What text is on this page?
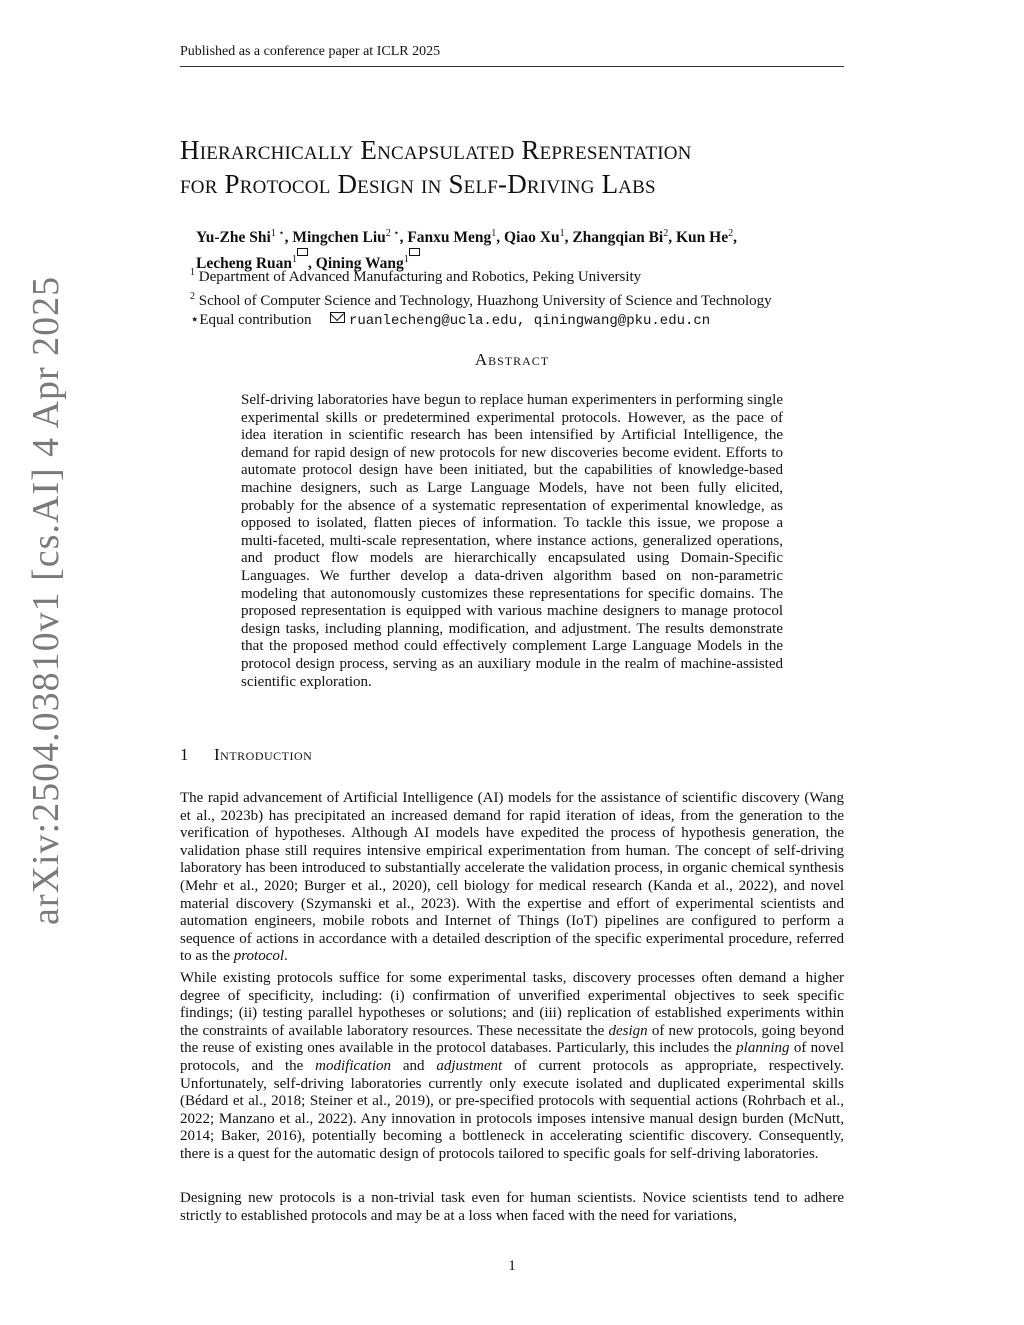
Published as a conference paper at ICLR 2025
arXiv:2504.03810v1 [cs.AI] 4 Apr 2025
Hierarchically Encapsulated Representation
for Protocol Design in Self-Driving Labs
Yu-Zhe Shi$^{1 ⋆}$, Mingchen Liu$^{2 ⋆}$, Fanxu Meng$^1$, Qiao Xu$^1$, Zhangqian Bi$^2$, Kun He$^2$,
Lecheng Ruan$^1$ , Qining Wang$^1$
$^1$ Department of Advanced Manufacturing and Robotics, Peking University
$^2$ School of Computer Science and Technology, Huazhong University of Science and Technology
⋆Equal contribution	ruanlecheng@ucla.edu, qiningwang@pku.edu.cn
Abstract
Self-driving laboratories have begun to replace human experimenters in performing single experimental skills or predetermined experimental protocols. However, as the pace of idea iteration in scientific research has been intensified by Artificial Intelligence, the demand for rapid design of new protocols for new discoveries become evident. Efforts to automate protocol design have been initiated, but the capabilities of knowledge-based machine designers, such as Large Language Models, have not been fully elicited, probably for the absence of a systematic representation of experimental knowledge, as opposed to isolated, flatten pieces of information. To tackle this issue, we propose a multi-faceted, multi-scale representation, where instance actions, generalized operations, and product flow models are hierarchically encapsulated using Domain-Specific Languages. We further develop a data-driven algorithm based on non-parametric modeling that autonomously customizes these representations for specific domains. The proposed representation is equipped with various machine designers to manage protocol design tasks, including planning, modification, and adjustment. The results demonstrate that the proposed method could effectively complement Large Language Models in the protocol design process, serving as an auxiliary module in the realm of machine-assisted scientific exploration.
1 Introduction
The rapid advancement of Artificial Intelligence (AI) models for the assistance of scientific discovery (Wang et al., 2023b) has precipitated an increased demand for rapid iteration of ideas, from the generation to the verification of hypotheses. Although AI models have expedited the process of hypothesis generation, the validation phase still requires intensive empirical experimentation from human. The concept of self-driving laboratory has been introduced to substantially accelerate the validation process, in organic chemical synthesis (Mehr et al., 2020; Burger et al., 2020), cell biology for medical research (Kanda et al., 2022), and novel material discovery (Szymanski et al., 2023). With the expertise and effort of experimental scientists and automation engineers, mobile robots and Internet of Things (IoT) pipelines are configured to perform a sequence of actions in accordance with a detailed description of the specific experimental procedure, referred to as the protocol.
While existing protocols suffice for some experimental tasks, discovery processes often demand a higher degree of specificity, including: (i) confirmation of unverified experimental objectives to seek specific findings; (ii) testing parallel hypotheses or solutions; and (iii) replication of established experiments within the constraints of available laboratory resources. These necessitate the design of new protocols, going beyond the reuse of existing ones available in the protocol databases. Particularly, this includes the planning of novel protocols, and the modification and adjustment of current protocols as appropriate, respectively. Unfortunately, self-driving laboratories currently only execute isolated and duplicated experimental skills (Bédard et al., 2018; Steiner et al., 2019), or pre-specified protocols with sequential actions (Rohrbach et al., 2022; Manzano et al., 2022). Any innovation in protocols imposes intensive manual design burden (McNutt, 2014; Baker, 2016), potentially becoming a bottleneck in accelerating scientific discovery. Consequently, there is a quest for the automatic design of protocols tailored to specific goals for self-driving laboratories.
Designing new protocols is a non-trivial task even for human scientists. Novice scientists tend to adhere strictly to established protocols and may be at a loss when faced with the need for variations,
1
